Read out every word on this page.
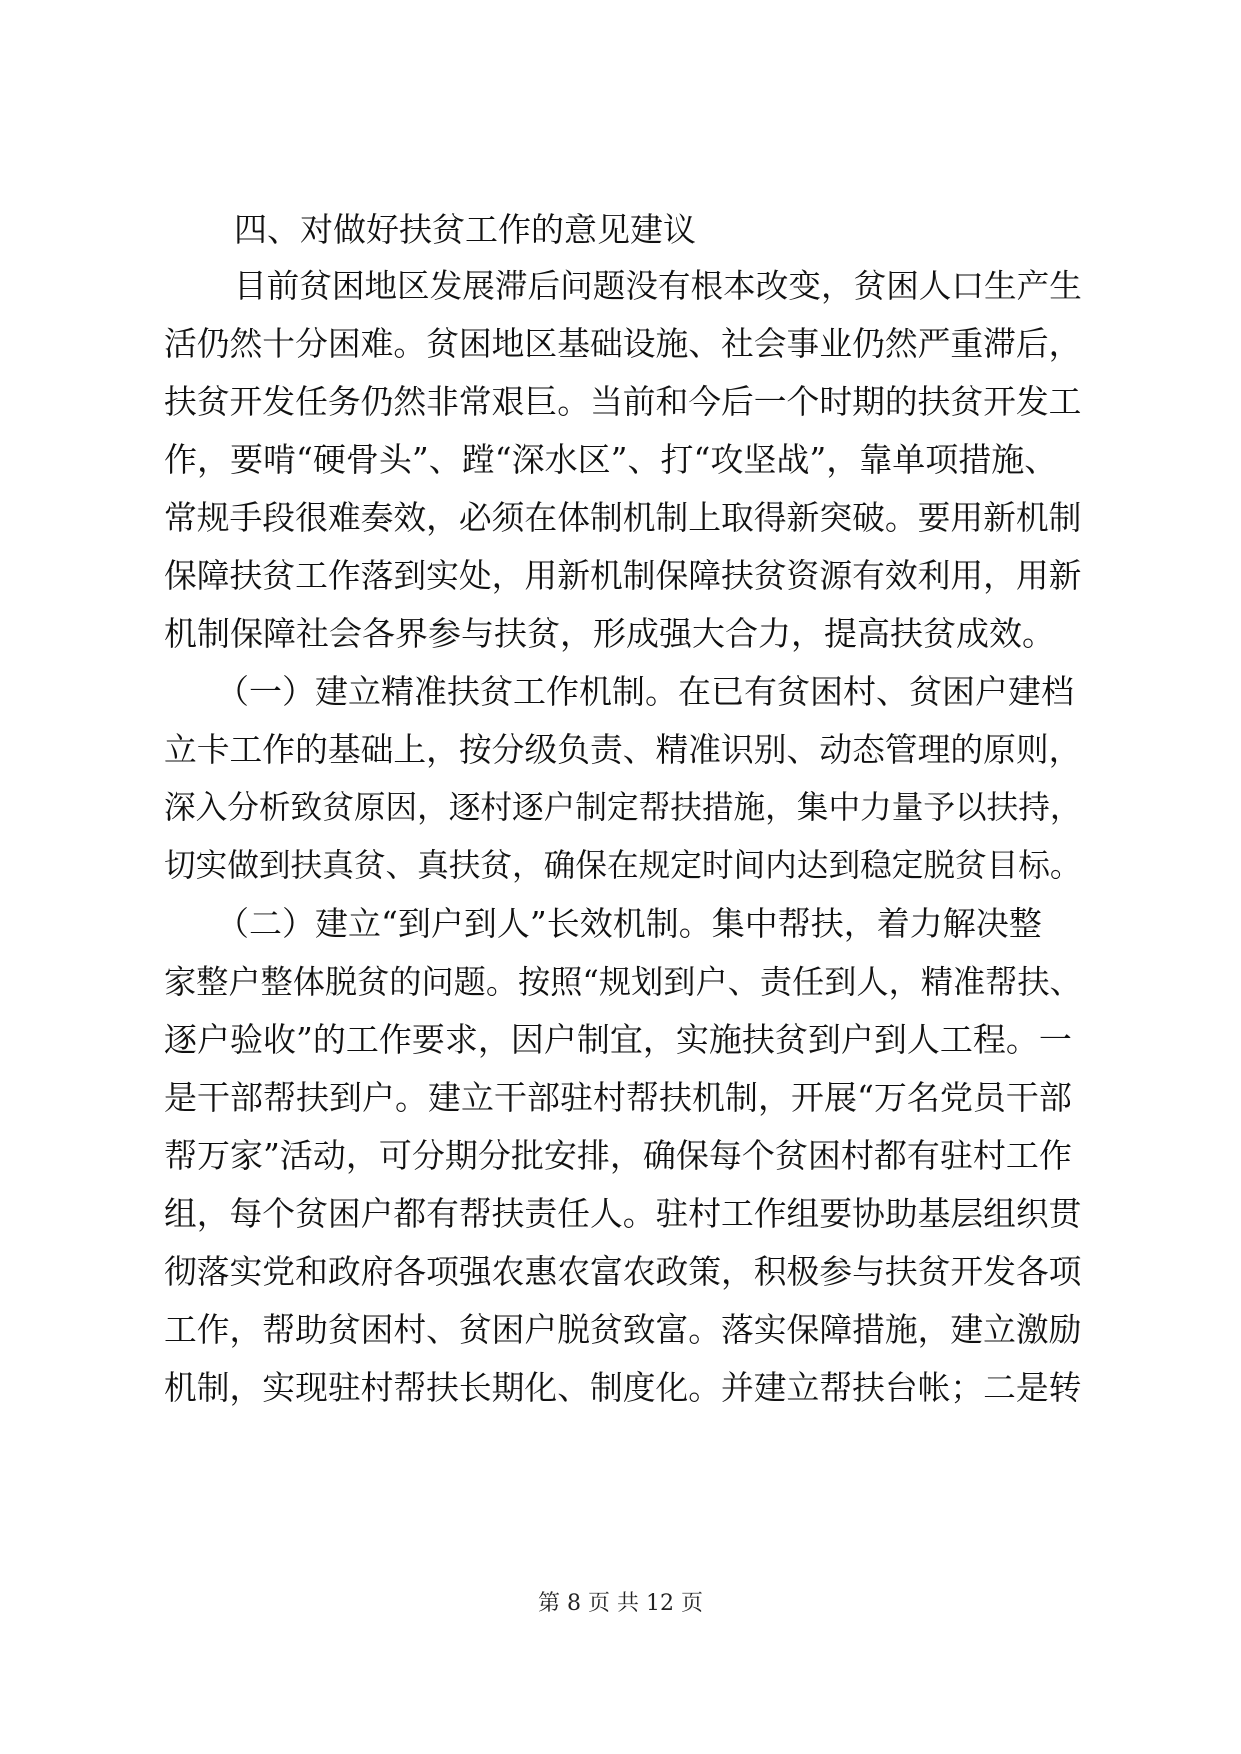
四、对做好扶贫工作的意见建议
目前贫困地区发展滞后问题没有根本改变，贫困人口生产生
活仍然十分困难。贫困地区基础设施、社会事业仍然严重滞后，
扶贫开发任务仍然非常艰巨。当前和今后一个时期的扶贫开发工
作，要啃“硬骨头”、蹚“深水区”、打“攻坚战”，靠单项措施、
常规手段很难奏效，必须在体制机制上取得新突破。要用新机制
保障扶贫工作落到实处，用新机制保障扶贫资源有效利用，用新
机制保障社会各界参与扶贫，形成强大合力，提高扶贫成效。
（一）建立精准扶贫工作机制。在已有贫困村、贫困户建档
立卡工作的基础上，按分级负责、精准识别、动态管理的原则，
深入分析致贫原因，逐村逐户制定帮扶措施，集中力量予以扶持，
切实做到扶真贫、真扶贫，确保在规定时间内达到稳定脱贫目标。
（二）建立“到户到人”长效机制。集中帮扶，着力解决整
家整户整体脱贫的问题。按照“规划到户、责任到人，精准帮扶、
逐户验收”的工作要求，因户制宜，实施扶贫到户到人工程。一
是干部帮扶到户。建立干部驻村帮扶机制，开展“万名党员干部
帮万家”活动，可分期分批安排，确保每个贫困村都有驻村工作
组，每个贫困户都有帮扶责任人。驻村工作组要协助基层组织贯
彻落实党和政府各项强农惠农富农政策，积极参与扶贫开发各项
工作，帮助贫困村、贫困户脱贫致富。落实保障措施，建立激励
机制，实现驻村帮扶长期化、制度化。并建立帮扶台帐；二是转
第 8 页 共 12 页
